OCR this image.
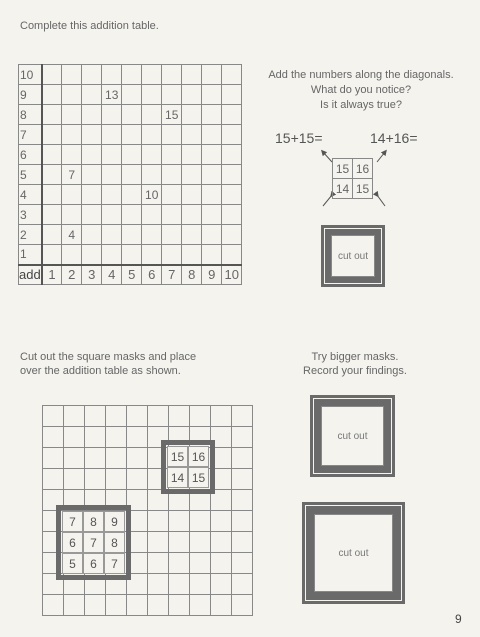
Complete this addition table.
10										
9				13						
8							15			
7										
6										
5		7								
4						10				
3										
2		4								
1										
add	1	2	3	4	5	6	7	8	9	10
Add the numbers along the diagonals.
What do you notice?
Is it always true?
15+15=	14+16=
15	16
14	15
cut out
Cut out the square masks and place
over the addition table as shown.
Try bigger masks.
Record your findings.

15 16
14 15
7	8	9
6	7	8
5	6	7
cut out
cut out
9
